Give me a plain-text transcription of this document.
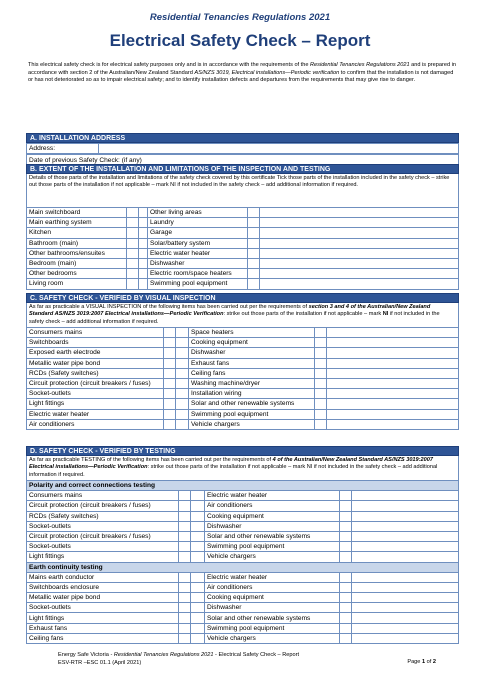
Residential Tenancies Regulations 2021
Electrical Safety Check – Report
This electrical safety check is for electrical safety purposes only and is in accordance with the requirements of the Residential Tenancies Regulations 2021 and is prepared in accordance with section 2 of the Australian/New Zealand Standard AS/NZS 3019, Electrical installations—Periodic verification to confirm that the installation is not damaged or has not deteriorated so as to impair electrical safety; and to identify installation defects and departures from the requirements that may give rise to danger.
A. INSTALLATION ADDRESS
Address:	
Date of previous Safety Check: (if any)
B. EXTENT OF THE INSTALLATION AND LIMITATIONS OF THE INSPECTION AND TESTING
Details of those parts of the installation and limitations of the safety check covered by this certificate Tick those parts of the installation included in the safety check – strike out those parts of the installation if not applicable – mark NI if not included in the safety check – add additional information if required.
Main switchboard			Other living areas		
Main earthing system			Laundry		
Kitchen			Garage		
Bathroom (main)			Solar/battery system		
Other bathrooms/ensuites			Electric water heater		
Bedroom (main)			Dishwasher		
Other bedrooms			Electric room/space heaters		
Living room			Swimming pool equipment		
C. SAFETY CHECK - VERIFIED BY VISUAL INSPECTION
As far as practicable a VISUAL INSPECTION of the following items has been carried out per the requirements of section 3 and 4 of the Australian/New Zealand Standard AS/NZS 3019:2007 Electrical installations—Periodic Verification: strike out those parts of the installation if not applicable – mark NI if not included in the safety check – add additional information if required.
Consumers mains			Space heaters		
Switchboards			Cooking equipment		
Exposed earth electrode			Dishwasher		
Metallic water pipe bond			Exhaust fans		
RCDs (Safety switches)			Ceiling fans		
Circuit protection (circuit breakers / fuses)			Washing machine/dryer		
Socket-outlets			Installation wiring		
Light fittings			Solar and other renewable systems		
Electric water heater			Swimming pool equipment		
Air conditioners			Vehicle chargers		
D. SAFETY CHECK - VERIFIED BY TESTING
As far as practicable TESTING of the following items has been carried out per the requirements of 4 of the Australian/New Zealand Standard AS/NZS 3019:2007 Electrical installations—Periodic Verification: strike out those parts of the installation if not applicable – mark NI if not included in the safety check – add additional information if required.
Polarity and correct connections testing					
Consumers mains			Electric water heater		
Circuit protection (circuit breakers / fuses)			Air conditioners		
RCDs (Safety switches)			Cooking equipment		
Socket-outlets			Dishwasher		
Circuit protection (circuit breakers / fuses)			Solar and other renewable systems		
Socket-outlets			Swimming pool equipment		
Light fittings			Vehicle chargers		
Earth continuity testing					
Mains earth conductor			Electric water heater		
Switchboards enclosure			Air conditioners		
Metallic water pipe bond			Cooking equipment		
Socket-outlets			Dishwasher		
Light fittings			Solar and other renewable systems		
Exhaust fans			Swimming pool equipment		
Ceiling fans			Vehicle chargers		
Energy Safe Victoria - Residential Tenancies Regulations 2021 - Electrical Safety Check – Report
ESV-RTR –ESC 01.1 (April 2021)	Page 1 of 2
